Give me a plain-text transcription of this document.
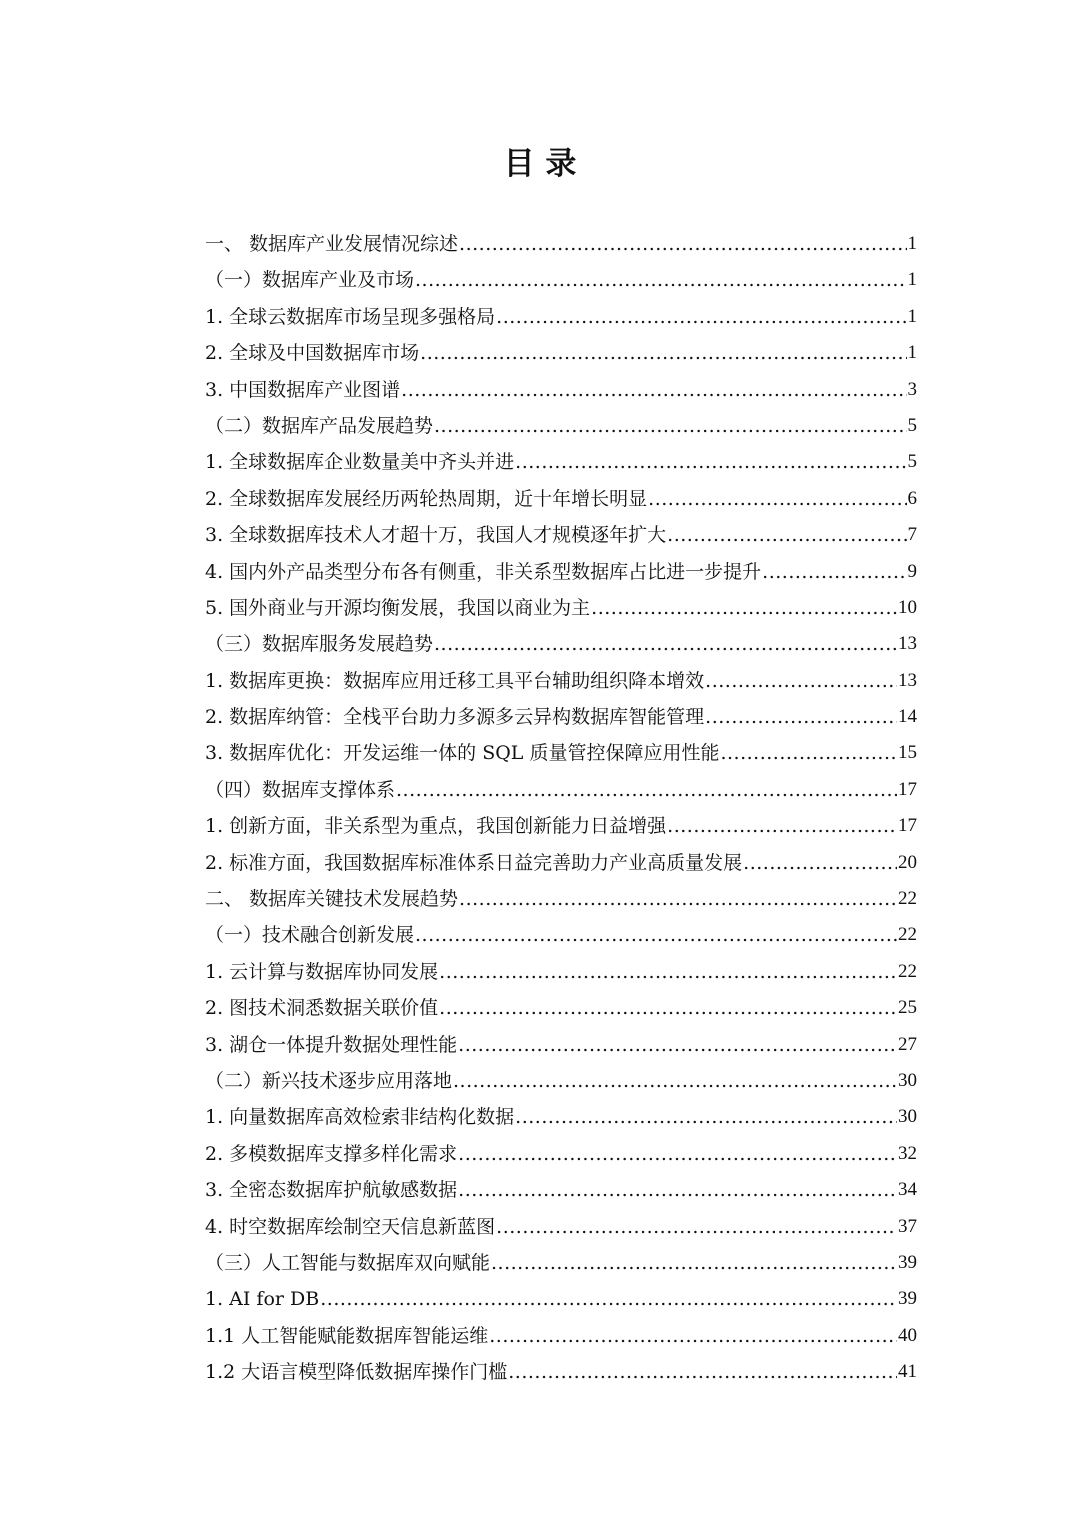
目 录
一、 数据库产业发展情况综述 .....	1
（一）数据库产业及市场 .....	1
1. 全球云数据库市场呈现多强格局 .....	1
2. 全球及中国数据库市场 .....	1
3. 中国数据库产业图谱 .....	3
（二）数据库产品发展趋势 .....	5
1. 全球数据库企业数量美中齐头并进 .....	5
2. 全球数据库发展经历两轮热周期，近十年增长明显 .....	6
3. 全球数据库技术人才超十万，我国人才规模逐年扩大 .....	7
4. 国内外产品类型分布各有侧重，非关系型数据库占比进一步提升 .....	9
5. 国外商业与开源均衡发展，我国以商业为主 .....	10
（三）数据库服务发展趋势 .....	13
1. 数据库更换：数据库应用迁移工具平台辅助组织降本增效 .....	13
2. 数据库纳管：全栈平台助力多源多云异构数据库智能管理 .....	14
3. 数据库优化：开发运维一体的 SQL 质量管控保障应用性能 .....	15
（四）数据库支撑体系 .....	17
1. 创新方面，非关系型为重点，我国创新能力日益增强 .....	17
2. 标准方面，我国数据库标准体系日益完善助力产业高质量发展 .....	20
二、 数据库关键技术发展趋势 .....	22
（一）技术融合创新发展 .....	22
1. 云计算与数据库协同发展 .....	22
2. 图技术洞悉数据关联价值 .....	25
3. 湖仓一体提升数据处理性能 .....	27
（二）新兴技术逐步应用落地 .....	30
1. 向量数据库高效检索非结构化数据 .....	30
2. 多模数据库支撑多样化需求 .....	32
3. 全密态数据库护航敏感数据 .....	34
4. 时空数据库绘制空天信息新蓝图 .....	37
（三）人工智能与数据库双向赋能 .....	39
1. AI for DB .....	39
1.1 人工智能赋能数据库智能运维 .....	40
1.2 大语言模型降低数据库操作门槛 .....	41
